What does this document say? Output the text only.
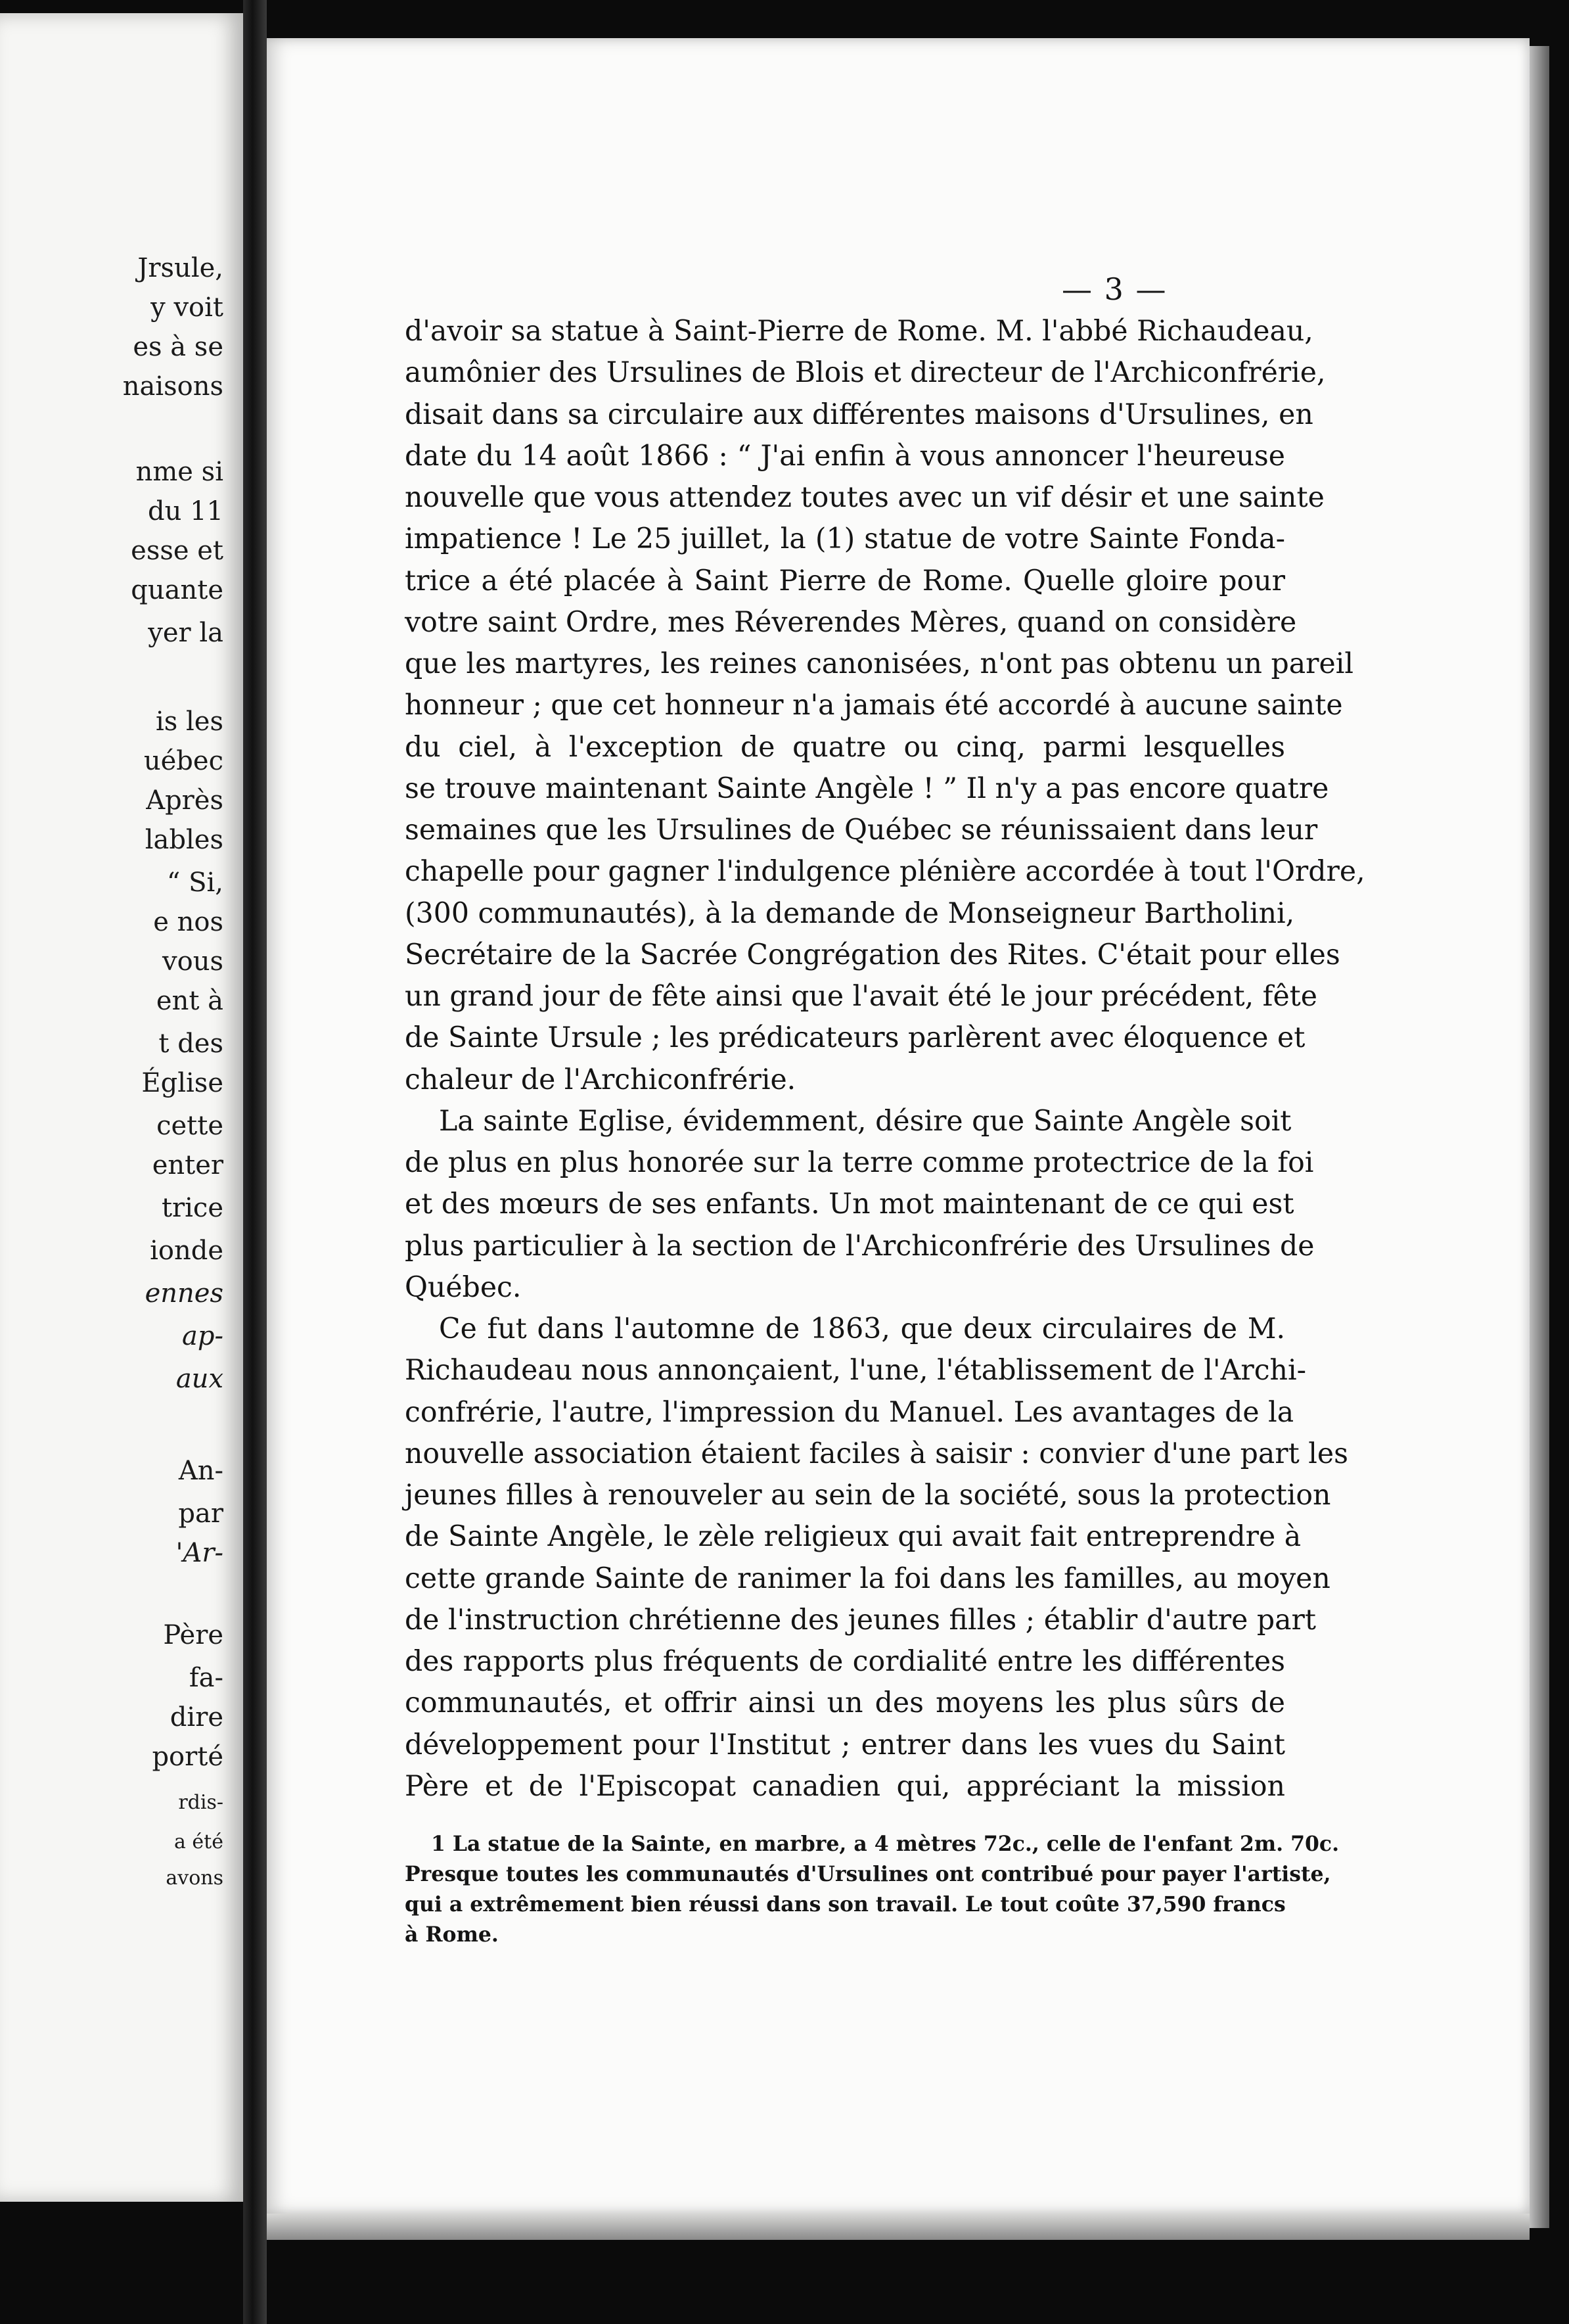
Jrsule,
y voit
es à se
naisons
nme si
du 11
esse et
quante
yer la
is les
uébec
Après
lables
“ Si,
e nos
vous
ent à
t des
Église
cette
enter
trice
ionde
ennes
ap-
aux
An-
par
'Ar-
Père
fa-
dire
porté
rdis-
a été
avons
— 3 —
d'avoir sa statue à Saint-Pierre de Rome. M. l'abbé Richaudeau,
aumônier des Ursulines de Blois et directeur de l'Archiconfrérie,
disait dans sa circulaire aux différentes maisons d'Ursulines, en
date du 14 août 1866 : “ J'ai enfin à vous annoncer l'heureuse
nouvelle que vous attendez toutes avec un vif désir et une sainte
impatience ! Le 25 juillet, la (1) statue de votre Sainte Fonda-
trice a été placée à Saint Pierre de Rome. Quelle gloire pour
votre saint Ordre, mes Réverendes Mères, quand on considère
que les martyres, les reines canonisées, n'ont pas obtenu un pareil
honneur ; que cet honneur n'a jamais été accordé à aucune sainte
du ciel, à l'exception de quatre ou cinq, parmi lesquelles
se trouve maintenant Sainte Angèle ! ” Il n'y a pas encore quatre
semaines que les Ursulines de Québec se réunissaient dans leur
chapelle pour gagner l'indulgence plénière accordée à tout l'Ordre,
(300 communautés), à la demande de Monseigneur Bartholini,
Secrétaire de la Sacrée Congrégation des Rites. C'était pour elles
un grand jour de fête ainsi que l'avait été le jour précédent, fête
de Sainte Ursule ; les prédicateurs parlèrent avec éloquence et
chaleur de l'Archiconfrérie.
La sainte Eglise, évidemment, désire que Sainte Angèle soit
de plus en plus honorée sur la terre comme protectrice de la foi
et des mœurs de ses enfants. Un mot maintenant de ce qui est
plus particulier à la section de l'Archiconfrérie des Ursulines de
Québec.
Ce fut dans l'automne de 1863, que deux circulaires de M.
Richaudeau nous annonçaient, l'une, l'établissement de l'Archi-
confrérie, l'autre, l'impression du Manuel. Les avantages de la
nouvelle association étaient faciles à saisir : convier d'une part les
jeunes filles à renouveler au sein de la société, sous la protection
de Sainte Angèle, le zèle religieux qui avait fait entreprendre à
cette grande Sainte de ranimer la foi dans les familles, au moyen
de l'instruction chrétienne des jeunes filles ; établir d'autre part
des rapports plus fréquents de cordialité entre les différentes
communautés, et offrir ainsi un des moyens les plus sûrs de
développement pour l'Institut ; entrer dans les vues du Saint
Père et de l'Episcopat canadien qui, appréciant la mission
1 La statue de la Sainte, en marbre, a 4 mètres 72c., celle de l'enfant 2m. 70c.
Presque toutes les communautés d'Ursulines ont contribué pour payer l'artiste,
qui a extrêmement bien réussi dans son travail. Le tout coûte 37,590 francs
à Rome.
